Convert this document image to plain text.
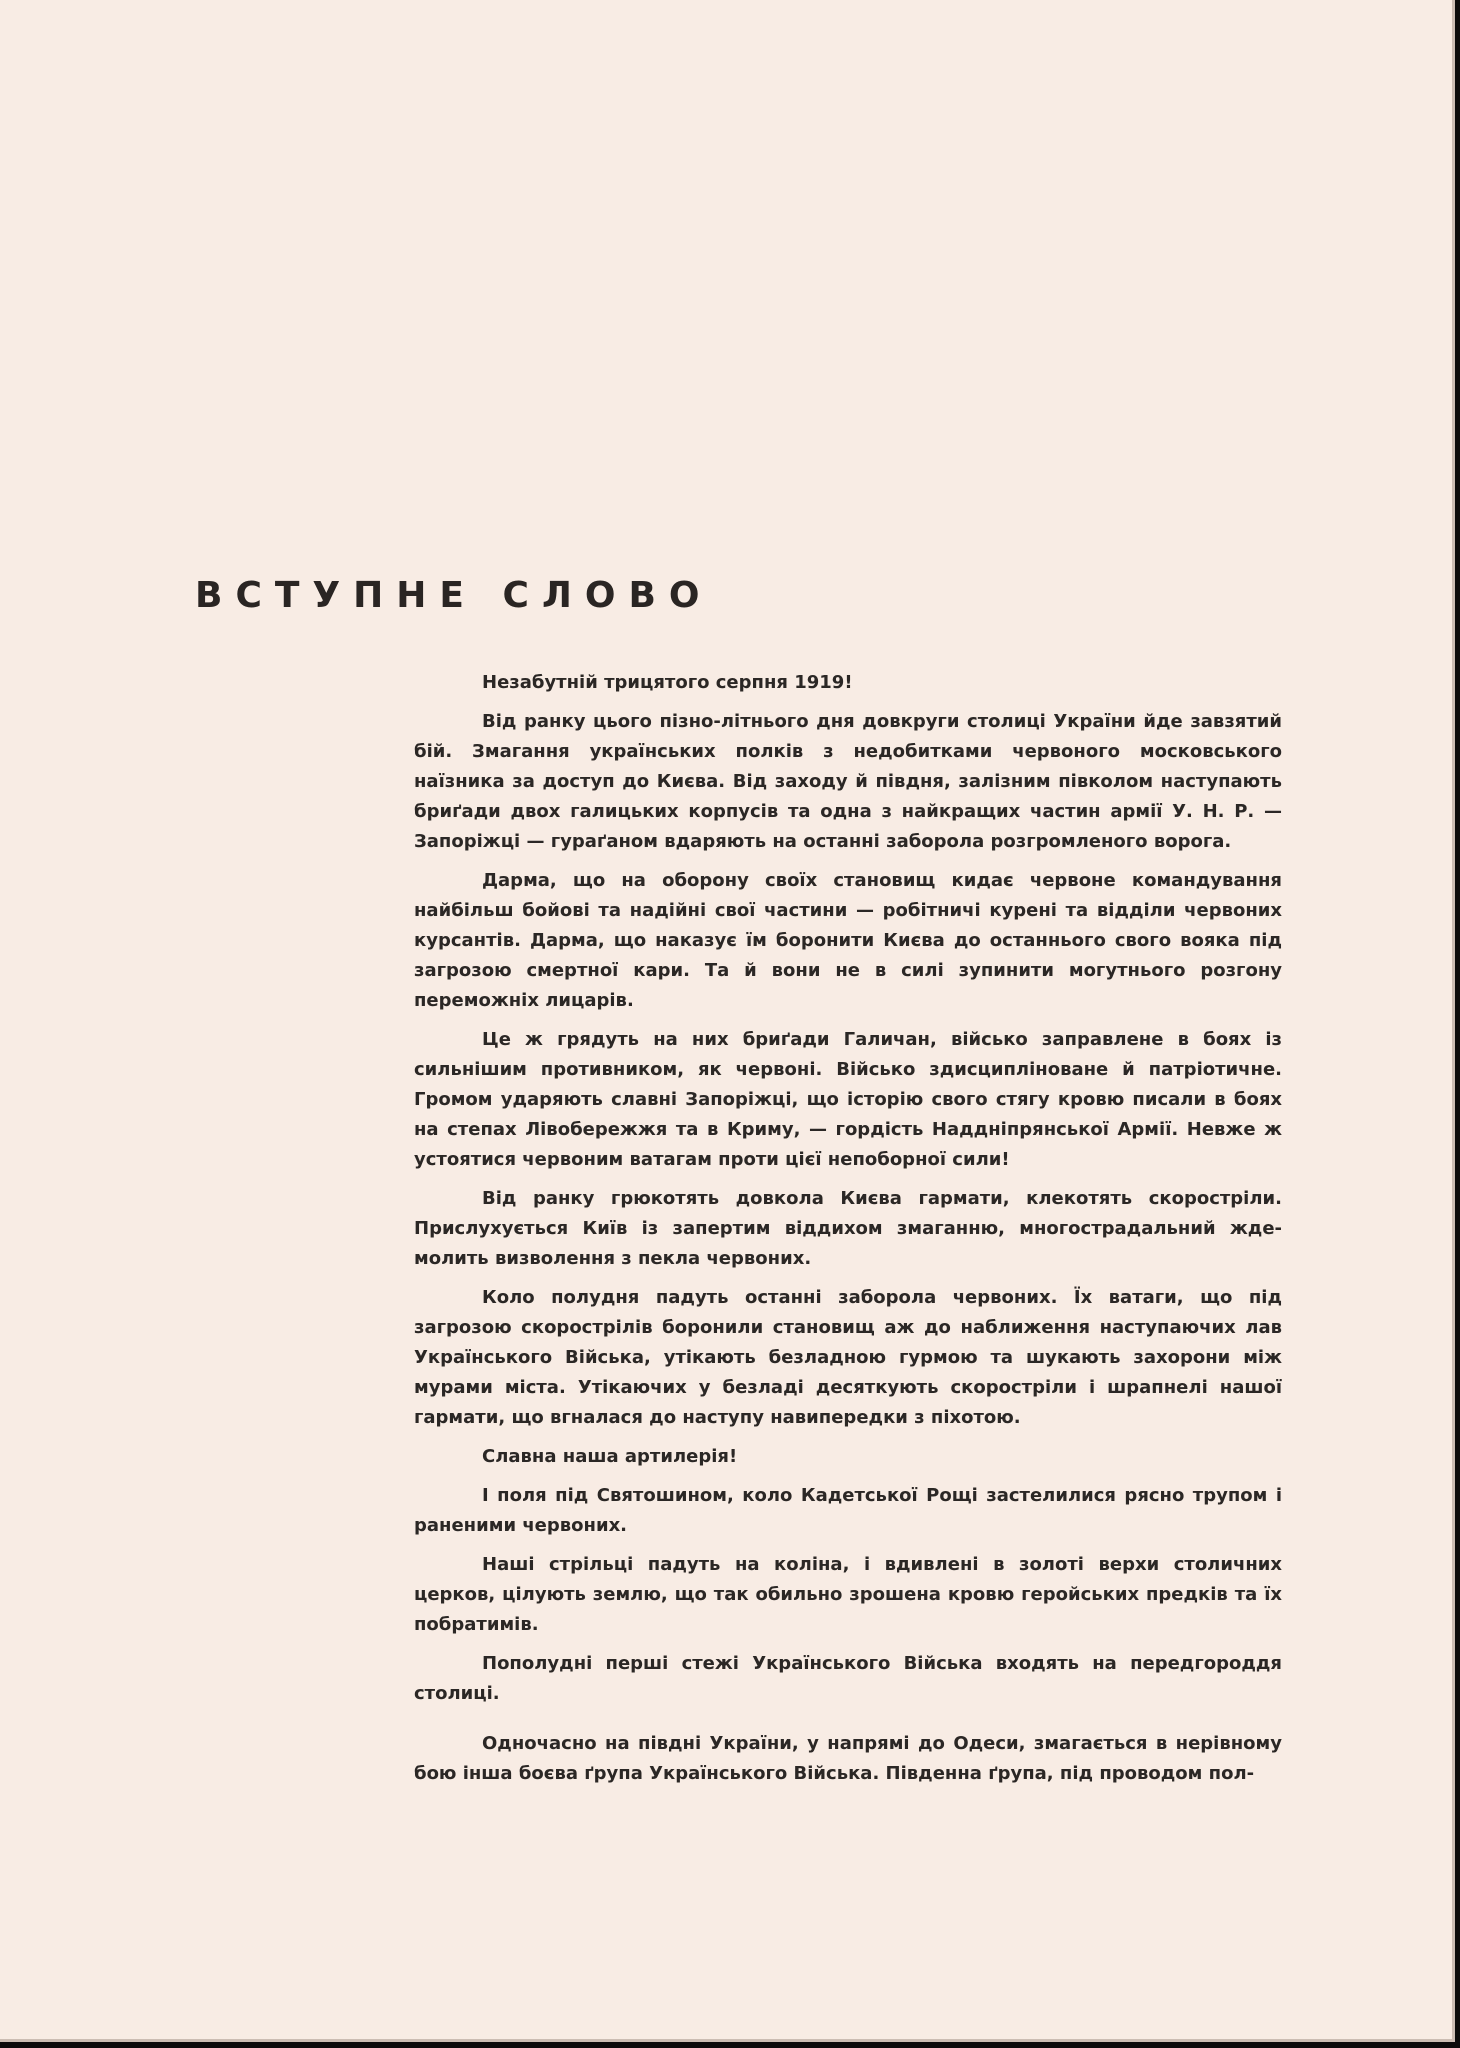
ВСТУПНЕ СЛОВО

Незабутній трицятого серпня 1919!

Від ранку цього пізно-літнього дня довкруги столиці України йде завзятий бій. Змагання українських полків з недобитками червоного московського наїзника за доступ до Києва. Від заходу й півдня, залізним півколом наступають бриґади двох галицьких корпусів та одна з найкращих частин армії У. Н. Р. — Запоріжці — гураґаном вдаряють на останні заборола розгромленого ворога.

Дарма, що на оборону своїх становищ кидає червоне командування найбільш бойові та надійні свої частини — робітничі курені та відділи червоних курсантів. Дарма, що наказує їм боронити Києва до останнього свого вояка під загрозою смертної кари. Та й вони не в силі зупинити могутнього розгону переможніх лицарів.

Це ж грядуть на них бриґади Галичан, військо заправлене в боях із сильнішим противником, як червоні. Військо здисципліноване й патріотичне. Громом ударяють славні Запоріжці, що історію свого стягу кровю писали в боях на степах Лівобережжя та в Криму, — гордість Наддніпрянської Армії. Невже ж устоятися червоним ватагам проти цієї непоборної сили!

Від ранку грюкотять довкола Києва гармати, клекотять скоростріли. Прислухується Київ із запертим віддихом змаганню, многострадальний жде-молить визволення з пекла червоних.

Коло полудня падуть останні заборола червоних. Їх ватаги, що під загрозою скорострілів боронили становищ аж до наближення наступаючих лав Українського Війська, утікають безладною гурмою та шукають захорони між мурами міста. Утікаючих у безладі десяткують скоростріли і шрапнелі нашої гармати, що вгналася до наступу навипередки з піхотою.

Славна наша артилерія!

І поля під Святошином, коло Кадетської Рощі застелилися рясно трупом і раненими червоних.

Наші стрільці падуть на коліна, і вдивлені в золоті верхи столичних церков, цілують землю, що так обильно зрошена кровю геройських предків та їх побратимів.

Пополудні перші стежі Українського Війська входять на передгороддя столиці.

Одночасно на півдні України, у напрямі до Одеси, змагається в нерівному бою інша боєва ґрупа Українського Війська. Південна ґрупа, під проводом пол-
